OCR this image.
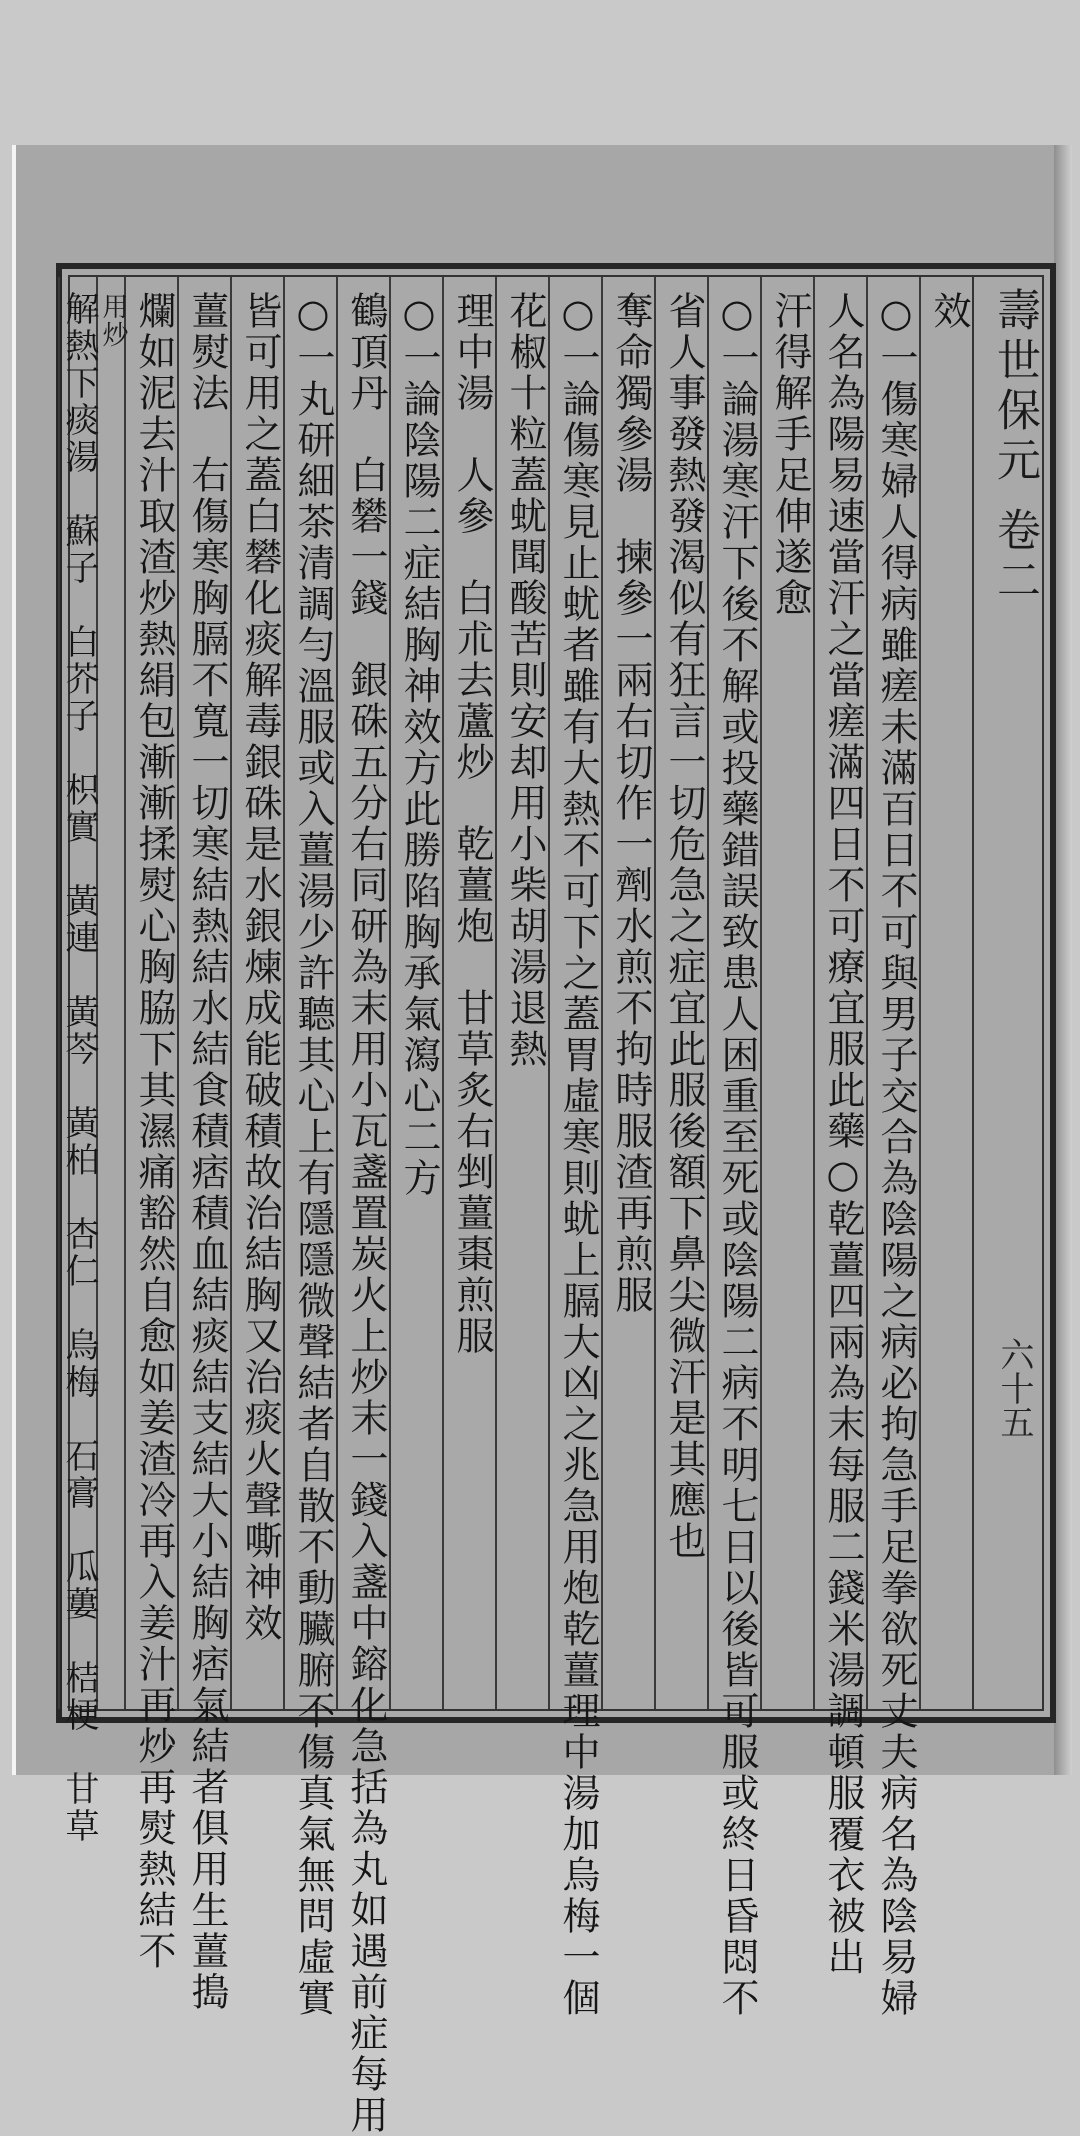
壽世保元 卷二
六十五
效
○一傷寒婦人得病雖瘥未滿百日不可與男子交合為陰陽之病必拘急手足拳欲死丈夫病名為陰易婦
人名為陽易速當汗之當瘥滿四日不可療宜服此藥○乾薑四兩為末每服二錢米湯調頓服覆衣被出
汗得解手足伸遂愈
○一論湯寒汗下後不解或投藥錯誤致患人困重至死或陰陽二病不明七日以後皆可服或終日昏悶不
省人事發熱發渴似有狂言一切危急之症宜此服後額下鼻尖微汗是其應也
奪命獨參湯　揀參一兩右切作一劑水煎不拘時服渣再煎服
○一論傷寒見止蚘者雖有大熱不可下之蓋胃虛寒則蚘上膈大凶之兆急用炮乾薑理中湯加烏梅一個
花椒十粒蓋蚘聞酸苦則安却用小柴胡湯退熱
理中湯　人參　白朮去蘆炒　乾薑炮　甘草炙右剉薑棗煎服
○一論陰陽二症結胸神效方此勝陷胸承氣瀉心二方
鶴頂丹　白礬一錢　銀硃五分右同研為末用小瓦盞置炭火上炒末一錢入盞中鎔化急括為丸如遇前症每用
○一丸研細茶清調勻溫服或入薑湯少許聽其心上有隱隱微聲結者自散不動臟腑不傷真氣無問虛實
皆可用之蓋白礬化痰解毒銀硃是水銀煉成能破積故治結胸又治痰火聲嘶神效
薑熨法　右傷寒胸膈不寬一切寒結熱結水結食積痞積血結痰結支結大小結胸痞氣結者俱用生薑搗
爛如泥去汁取渣炒熱絹包漸漸揉熨心胸脇下其濕痛豁然自愈如姜渣冷再入姜汁再炒再熨熱結不
用炒
解熱下痰湯　蘇子　白芥子　枳實　黃連　黃芩　黃柏　杏仁　烏梅　石膏　瓜蔞　桔梗　甘草
